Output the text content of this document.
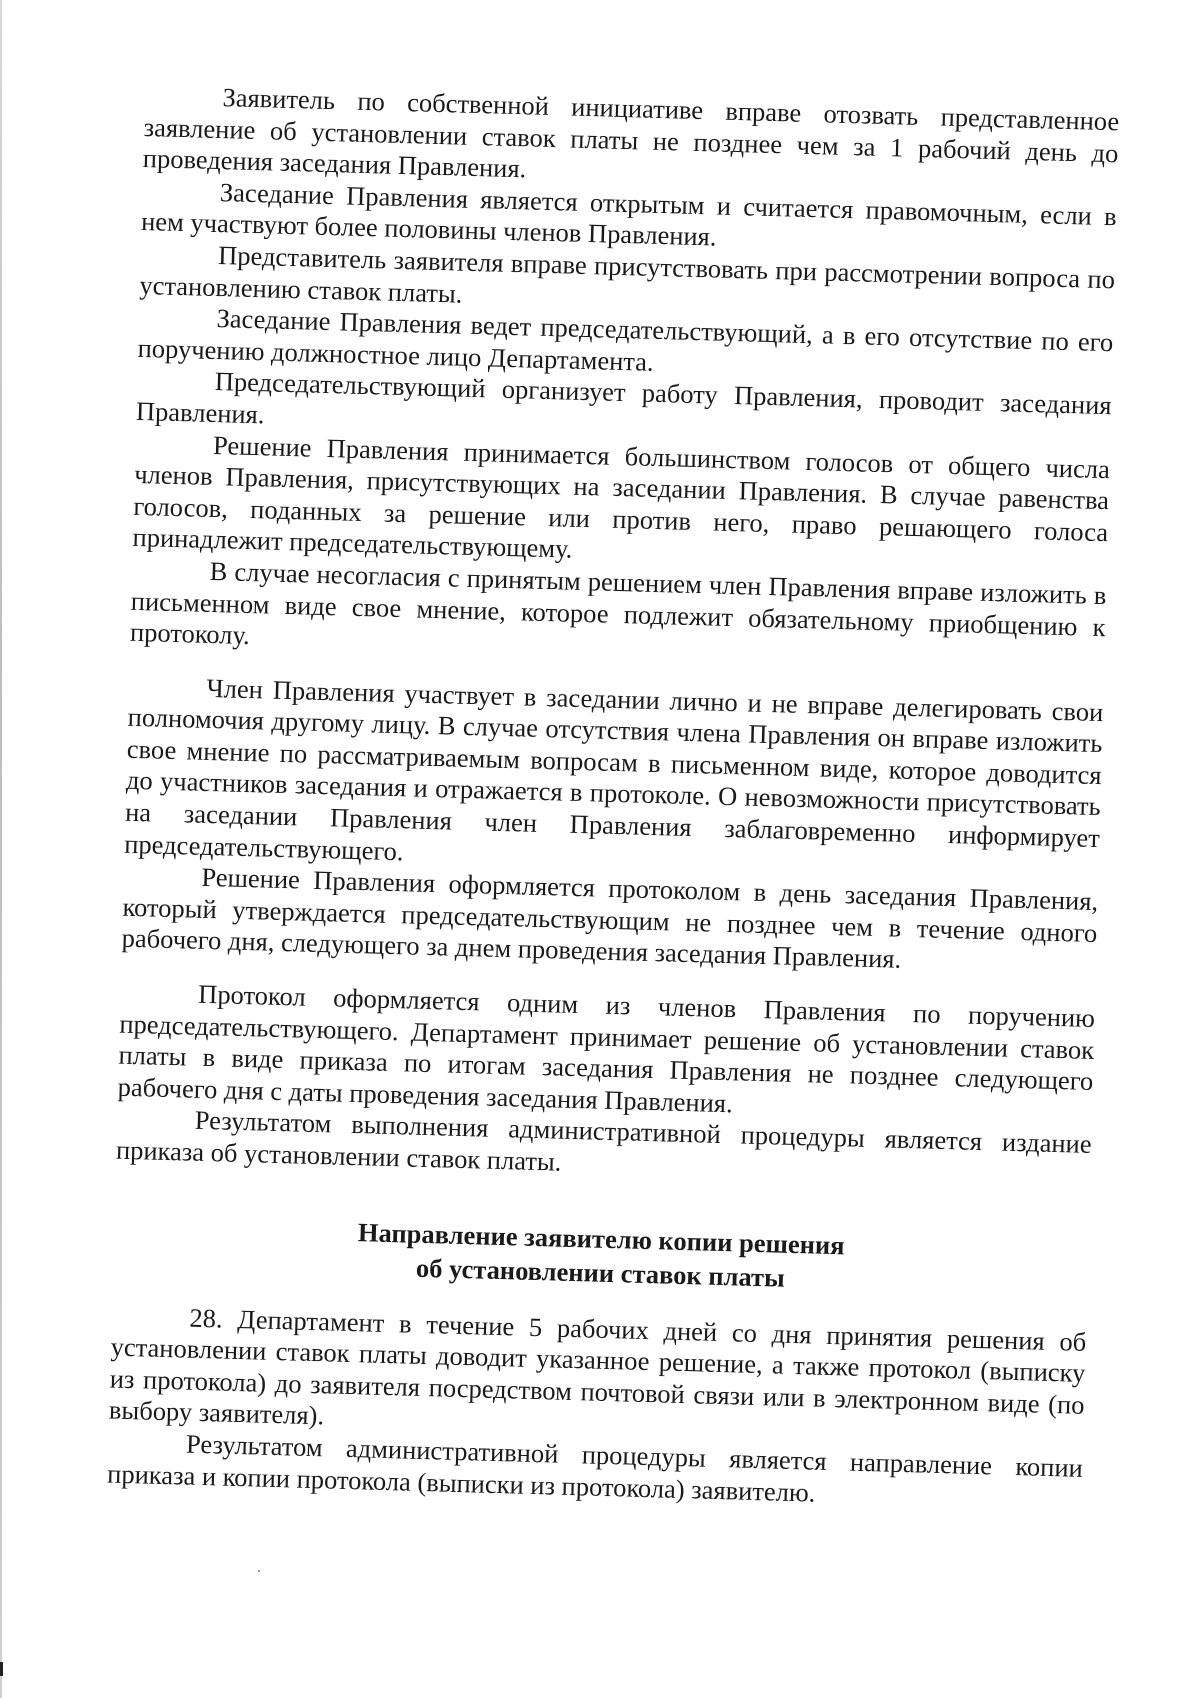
Заявитель по собственной инициативе вправе отозвать представленное заявление об установлении ставок платы не позднее чем за 1 рабочий день до проведения заседания Правления.

Заседание Правления является открытым и считается правомочным, если в нем участвуют более половины членов Правления.

Представитель заявителя вправе присутствовать при рассмотрении вопроса по установлению ставок платы.

Заседание Правления ведет председательствующий, а в его отсутствие по его поручению должностное лицо Департамента.

Председательствующий организует работу Правления, проводит заседания Правления.

Решение Правления принимается большинством голосов от общего числа членов Правления, присутствующих на заседании Правления. В случае равенства голосов, поданных за решение или против него, право решающего голоса принадлежит председательствующему.

В случае несогласия с принятым решением член Правления вправе изложить в письменном виде свое мнение, которое подлежит обязательному приобщению к протоколу.

Член Правления участвует в заседании лично и не вправе делегировать свои полномочия другому лицу. В случае отсутствия члена Правления он вправе изложить свое мнение по рассматриваемым вопросам в письменном виде, которое доводится до участников заседания и отражается в протоколе. О невозможности присутствовать на заседании Правления член Правления заблаговременно информирует председательствующего.

Решение Правления оформляется протоколом в день заседания Правления, который утверждается председательствующим не позднее чем в течение одного рабочего дня, следующего за днем проведения заседания Правления.

Протокол оформляется одним из членов Правления по поручению председательствующего. Департамент принимает решение об установлении ставок платы в виде приказа по итогам заседания Правления не позднее следующего рабочего дня с даты проведения заседания Правления.

Результатом выполнения административной процедуры является издание приказа об установлении ставок платы.

Направление заявителю копии решения
об установлении ставок платы

28. Департамент в течение 5 рабочих дней со дня принятия решения об установлении ставок платы доводит указанное решение, а также протокол (выписку из протокола) до заявителя посредством почтовой связи или в электронном виде (по выбору заявителя).

Результатом административной процедуры является направление копии приказа и копии протокола (выписки из протокола) заявителю.
